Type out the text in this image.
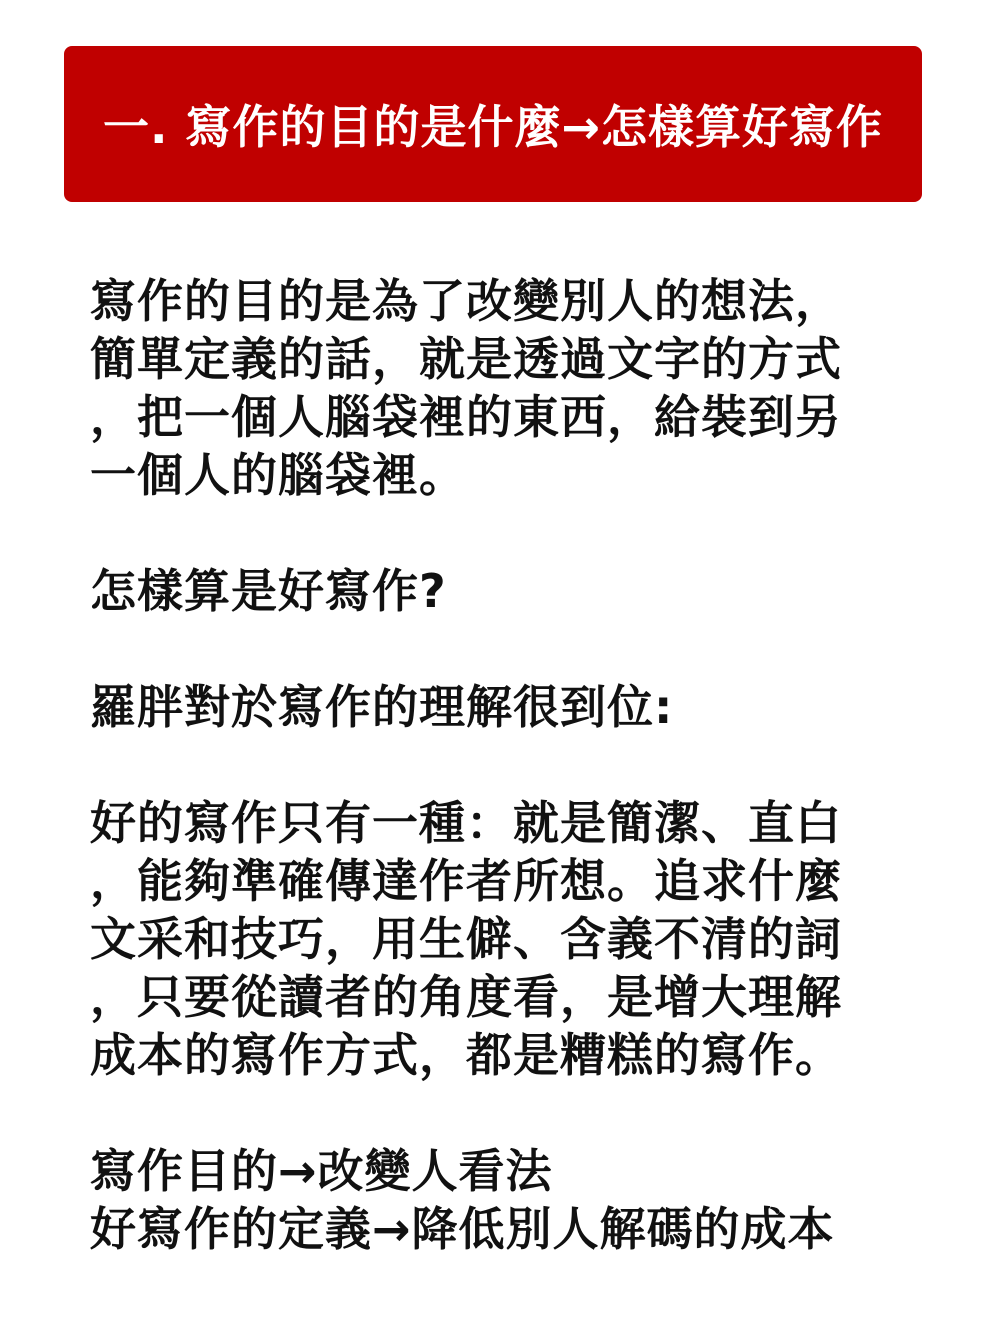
一. 寫作的目的是什麼→怎樣算好寫作
寫作的目的是為了改變別人的想法，
簡單定義的話，就是透過文字的方式
，把一個人腦袋裡的東西，給裝到另
一個人的腦袋裡。
怎樣算是好寫作?
羅胖對於寫作的理解很到位:
好的寫作只有一種：就是簡潔、直白
，能夠準確傳達作者所想。追求什麼
文采和技巧，用生僻、含義不清的詞
，只要從讀者的角度看，是增大理解
成本的寫作方式，都是糟糕的寫作。
寫作目的→改變人看法
好寫作的定義→降低別人解碼的成本
